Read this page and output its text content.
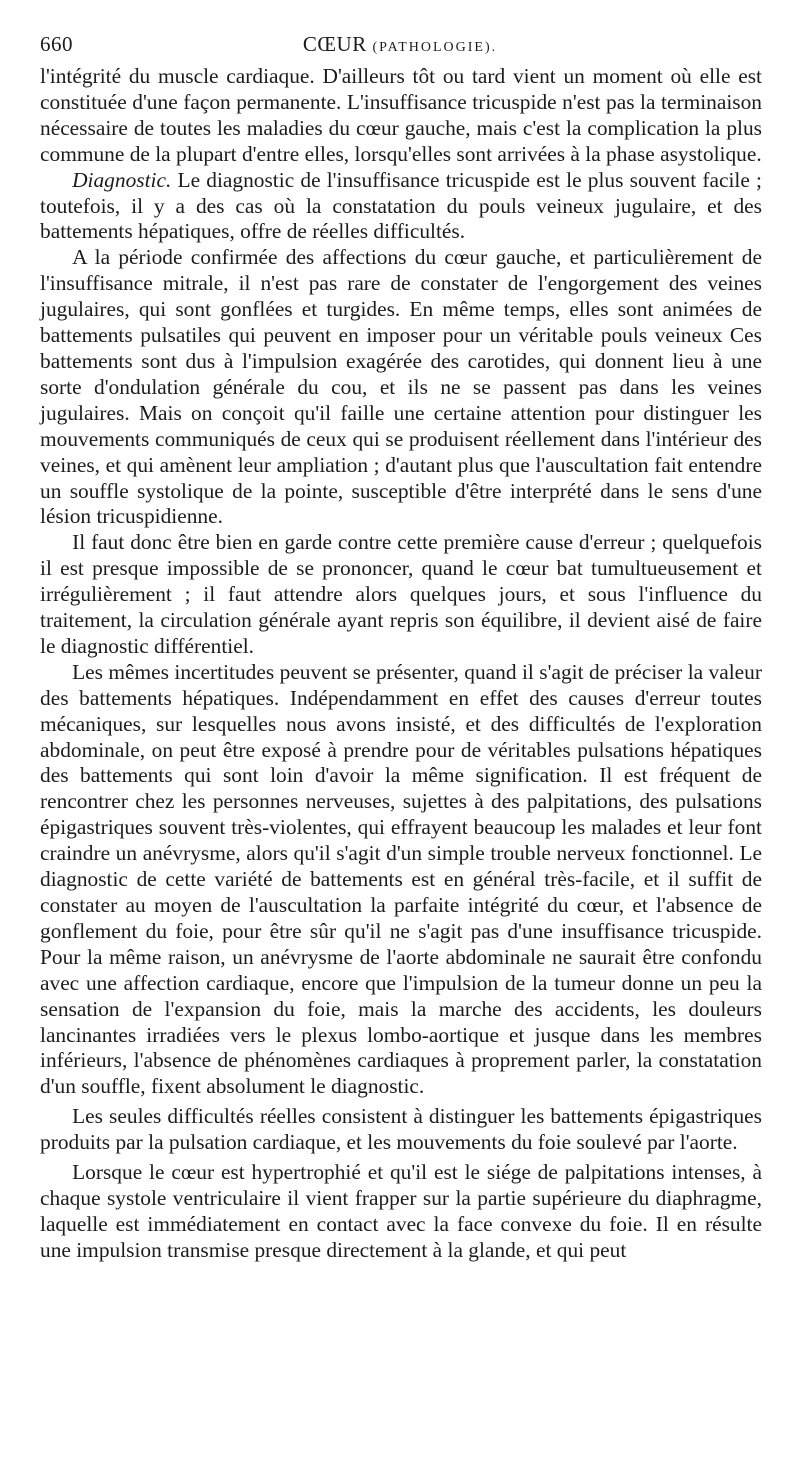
660	CŒUR (PATHOLOGIE).

l'intégrité du muscle cardiaque. D'ailleurs tôt ou tard vient un moment où elle est constituée d'une façon permanente. L'insuffisance tricuspide n'est pas la terminaison nécessaire de toutes les maladies du cœur gauche, mais c'est la complication la plus commune de la plupart d'entre elles, lorsqu'elles sont arrivées à la phase asystolique.

Diagnostic. Le diagnostic de l'insuffisance tricuspide est le plus souvent facile ; toutefois, il y a des cas où la constatation du pouls veineux jugulaire, et des battements hépatiques, offre de réelles difficultés.

A la période confirmée des affections du cœur gauche, et particulièrement de l'insuffisance mitrale, il n'est pas rare de constater de l'engorgement des veines jugulaires, qui sont gonflées et turgides. En même temps, elles sont animées de battements pulsatiles qui peuvent en imposer pour un véritable pouls veineux Ces battements sont dus à l'impulsion exagérée des carotides, qui donnent lieu à une sorte d'ondulation générale du cou, et ils ne se passent pas dans les veines jugulaires. Mais on conçoit qu'il faille une certaine attention pour distinguer les mouvements communiqués de ceux qui se produisent réellement dans l'intérieur des veines, et qui amènent leur ampliation ; d'autant plus que l'auscultation fait entendre un souffle systolique de la pointe, susceptible d'être interprété dans le sens d'une lésion tricuspidienne.

Il faut donc être bien en garde contre cette première cause d'erreur ; quelquefois il est presque impossible de se prononcer, quand le cœur bat tumultueusement et irrégulièrement ; il faut attendre alors quelques jours, et sous l'influence du traitement, la circulation générale ayant repris son équilibre, il devient aisé de faire le diagnostic différentiel.

Les mêmes incertitudes peuvent se présenter, quand il s'agit de préciser la valeur des battements hépatiques. Indépendamment en effet des causes d'erreur toutes mécaniques, sur lesquelles nous avons insisté, et des difficultés de l'exploration abdominale, on peut être exposé à prendre pour de véritables pulsations hépatiques des battements qui sont loin d'avoir la même signification. Il est fréquent de rencontrer chez les personnes nerveuses, sujettes à des palpitations, des pulsations épigastriques souvent très-violentes, qui effrayent beaucoup les malades et leur font craindre un anévrysme, alors qu'il s'agit d'un simple trouble nerveux fonctionnel. Le diagnostic de cette variété de battements est en général très-facile, et il suffit de constater au moyen de l'auscultation la parfaite intégrité du cœur, et l'absence de gonflement du foie, pour être sûr qu'il ne s'agit pas d'une insuffisance tricuspide. Pour la même raison, un anévrysme de l'aorte abdominale ne saurait être confondu avec une affection cardiaque, encore que l'impulsion de la tumeur donne un peu la sensation de l'expansion du foie, mais la marche des accidents, les douleurs lancinantes irradiées vers le plexus lombo-aortique et jusque dans les membres inférieurs, l'absence de phénomènes cardiaques à proprement parler, la constatation d'un souffle, fixent absolument le diagnostic.

Les seules difficultés réelles consistent à distinguer les battements épigastriques produits par la pulsation cardiaque, et les mouvements du foie soulevé par l'aorte.

Lorsque le cœur est hypertrophié et qu'il est le siége de palpitations intenses, à chaque systole ventriculaire il vient frapper sur la partie supérieure du diaphragme, laquelle est immédiatement en contact avec la face convexe du foie. Il en résulte une impulsion transmise presque directement à la glande, et qui peut
